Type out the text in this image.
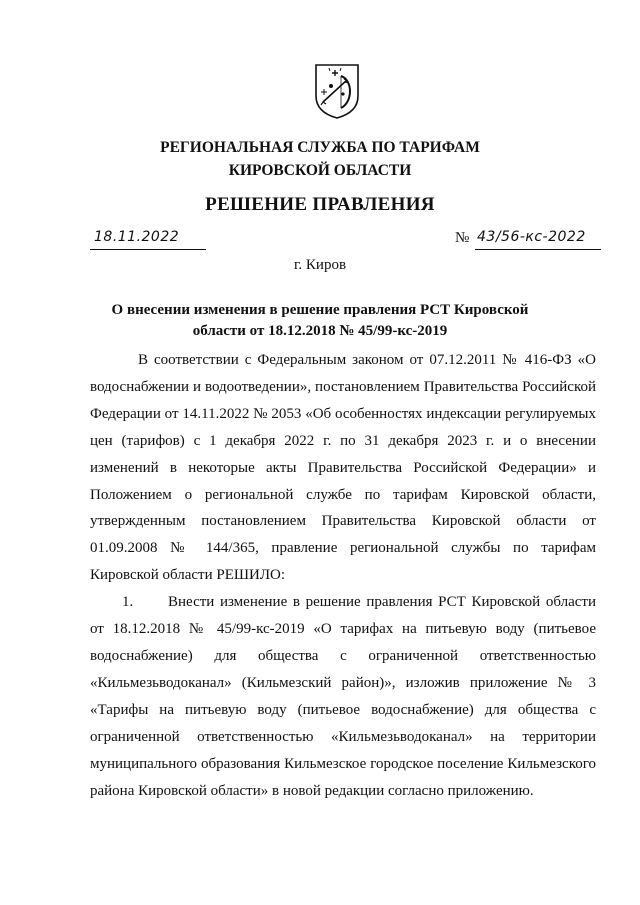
РЕГИОНАЛЬНАЯ СЛУЖБА ПО ТАРИФАМ
КИРОВСКОЙ ОБЛАСТИ
РЕШЕНИЕ ПРАВЛЕНИЯ
18.11.2022	№ 43/56-кс-2022
г. Киров
О внесении изменения в решение правления РСТ Кировской
области от 18.12.2018 № 45/99-кс-2019

В соответствии с Федеральным законом от 07.12.2011 № 416-ФЗ «О водоснабжении и водоотведении», постановлением Правительства Российской Федерации от 14.11.2022 № 2053 «Об особенностях индексации регулируемых цен (тарифов) с 1 декабря 2022 г. по 31 декабря 2023 г. и о внесении изменений в некоторые акты Правительства Российской Федерации» и Положением о региональной службе по тарифам Кировской области, утвержденным постановлением Правительства Кировской области от 01.09.2008 № 144/365, правление региональной службы по тарифам Кировской области РЕШИЛО:

1. Внести изменение в решение правления РСТ Кировской области от 18.12.2018 № 45/99-кс-2019 «О тарифах на питьевую воду (питьевое водоснабжение) для общества с ограниченной ответственностью «Кильмезьводоканал» (Кильмезский район)», изложив приложение № 3 «Тарифы на питьевую воду (питьевое водоснабжение) для общества с ограниченной ответственностью «Кильмезьводоканал» на территории муниципального образования Кильмезское городское поселение Кильмезского района Кировской области» в новой редакции согласно приложению.
